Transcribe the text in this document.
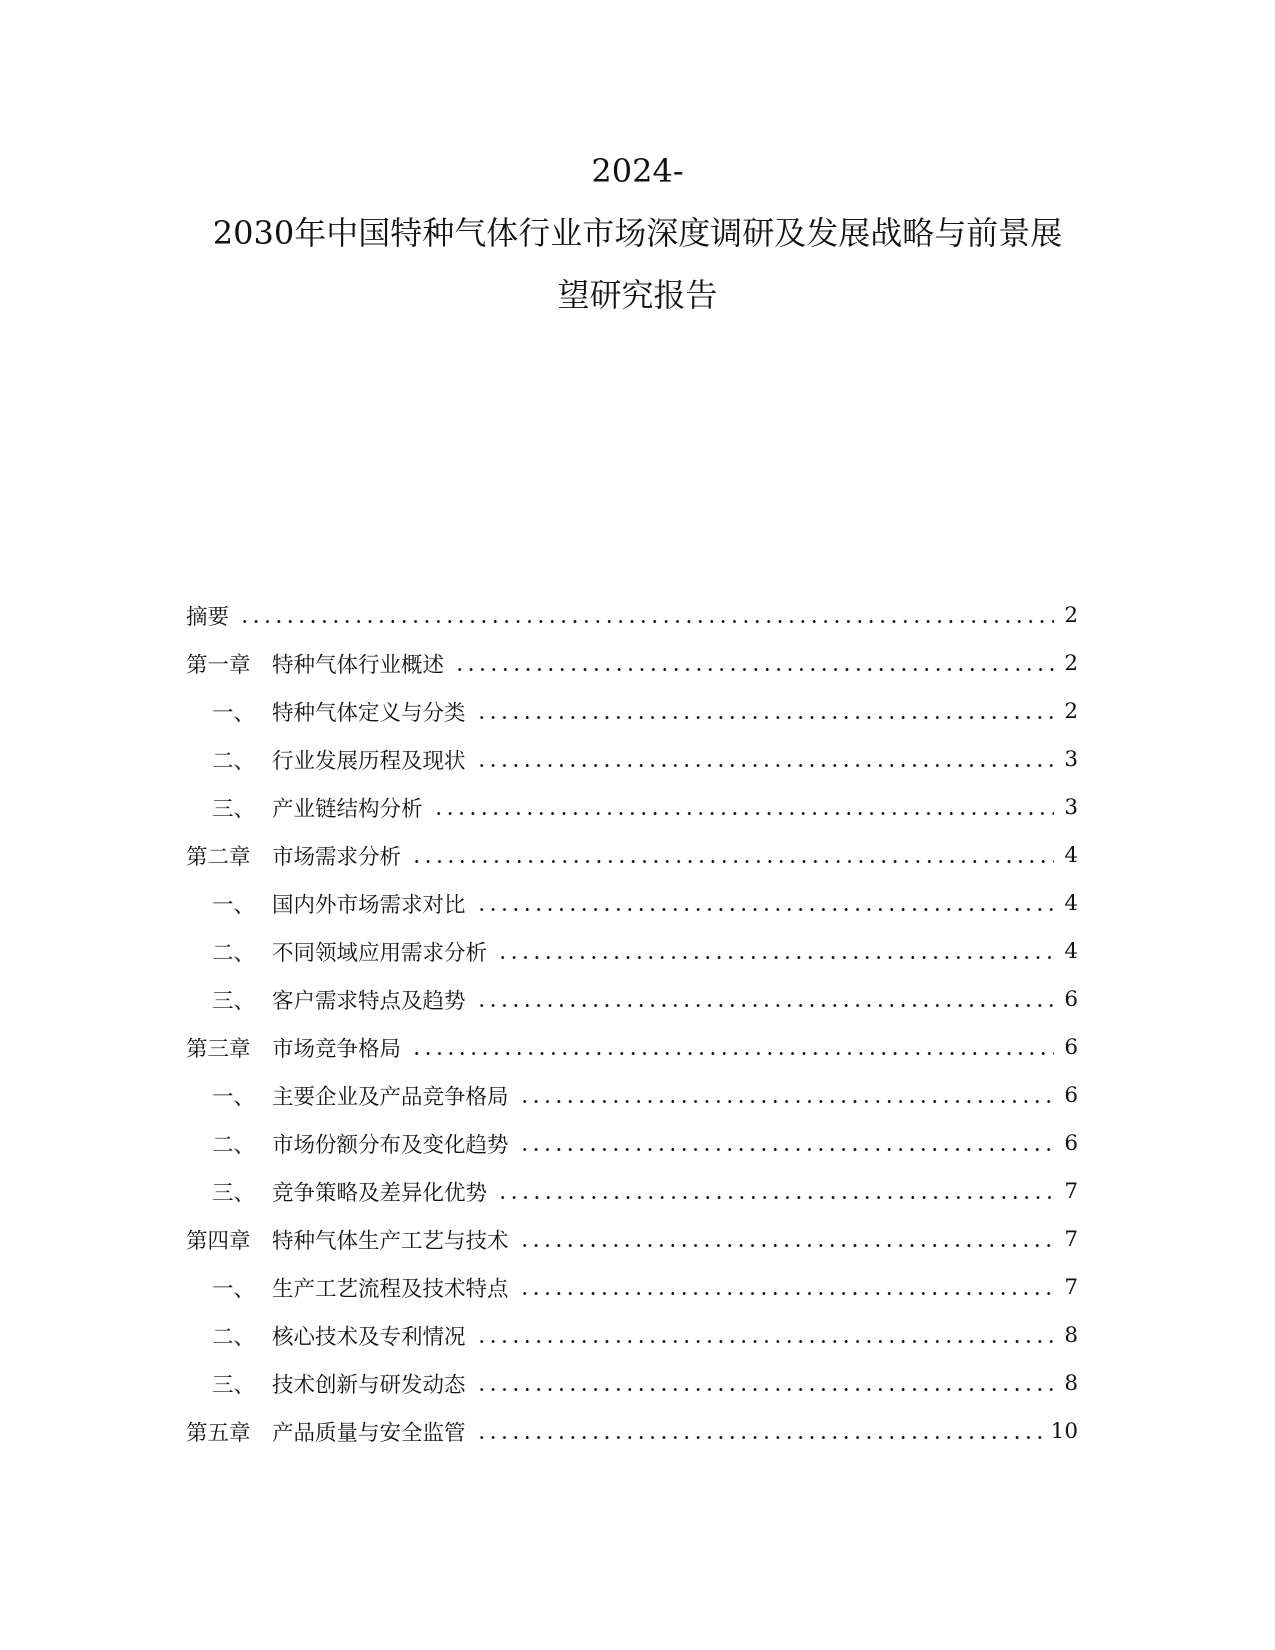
2024-
2030年中国特种气体行业市场深度调研及发展战略与前景展
望研究报告
摘要	2
第一章 特种气体行业概述	2
一、 特种气体定义与分类	2
二、 行业发展历程及现状	3
三、 产业链结构分析	3
第二章 市场需求分析	4
一、 国内外市场需求对比	4
二、 不同领域应用需求分析	4
三、 客户需求特点及趋势	6
第三章 市场竞争格局	6
一、 主要企业及产品竞争格局	6
二、 市场份额分布及变化趋势	6
三、 竞争策略及差异化优势	7
第四章 特种气体生产工艺与技术	7
一、 生产工艺流程及技术特点	7
二、 核心技术及专利情况	8
三、 技术创新与研发动态	8
第五章 产品质量与安全监管	10
